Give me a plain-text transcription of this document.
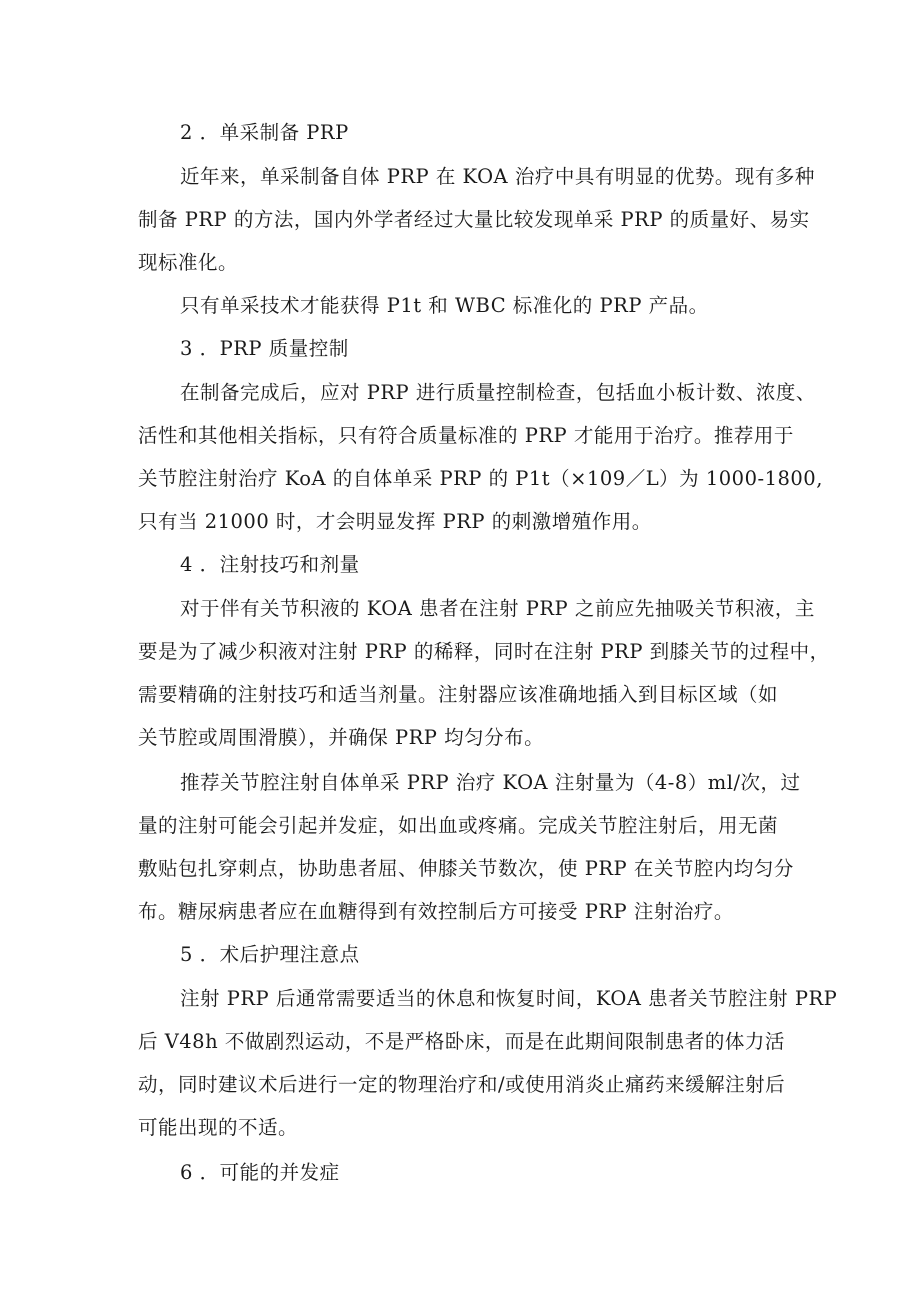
2 ．单采制备 PRP
近年来，单采制备自体 PRP 在 KOA 治疗中具有明显的优势。现有多种
制备 PRP 的方法，国内外学者经过大量比较发现单采 PRP 的质量好、易实
现标准化。
只有单采技术才能获得 P1t 和 WBC 标准化的 PRP 产品。
3 ．PRP 质量控制
在制备完成后，应对 PRP 进行质量控制检查，包括血小板计数、浓度、
活性和其他相关指标，只有符合质量标准的 PRP 才能用于治疗。推荐用于
关节腔注射治疗 KoA 的自体单采 PRP 的 P1t（×109／L）为 1000-1800,
只有当 21000 时，才会明显发挥 PRP 的刺激增殖作用。
4 ．注射技巧和剂量
对于伴有关节积液的 KOA 患者在注射 PRP 之前应先抽吸关节积液，主
要是为了减少积液对注射 PRP 的稀释，同时在注射 PRP 到膝关节的过程中，
需要精确的注射技巧和适当剂量。注射器应该准确地插入到目标区域（如
关节腔或周围滑膜），并确保 PRP 均匀分布。
推荐关节腔注射自体单采 PRP 治疗 KOA 注射量为（4-8）ml/次，过
量的注射可能会引起并发症，如出血或疼痛。完成关节腔注射后，用无菌
敷贴包扎穿刺点，协助患者屈、伸膝关节数次，使 PRP 在关节腔内均匀分
布。糖尿病患者应在血糖得到有效控制后方可接受 PRP 注射治疗。
5 ．术后护理注意点
注射 PRP 后通常需要适当的休息和恢复时间，KOA 患者关节腔注射 PRP
后 V48h 不做剧烈运动，不是严格卧床，而是在此期间限制患者的体力活
动，同时建议术后进行一定的物理治疗和/或使用消炎止痛药来缓解注射后
可能出现的不适。
6 ．可能的并发症
